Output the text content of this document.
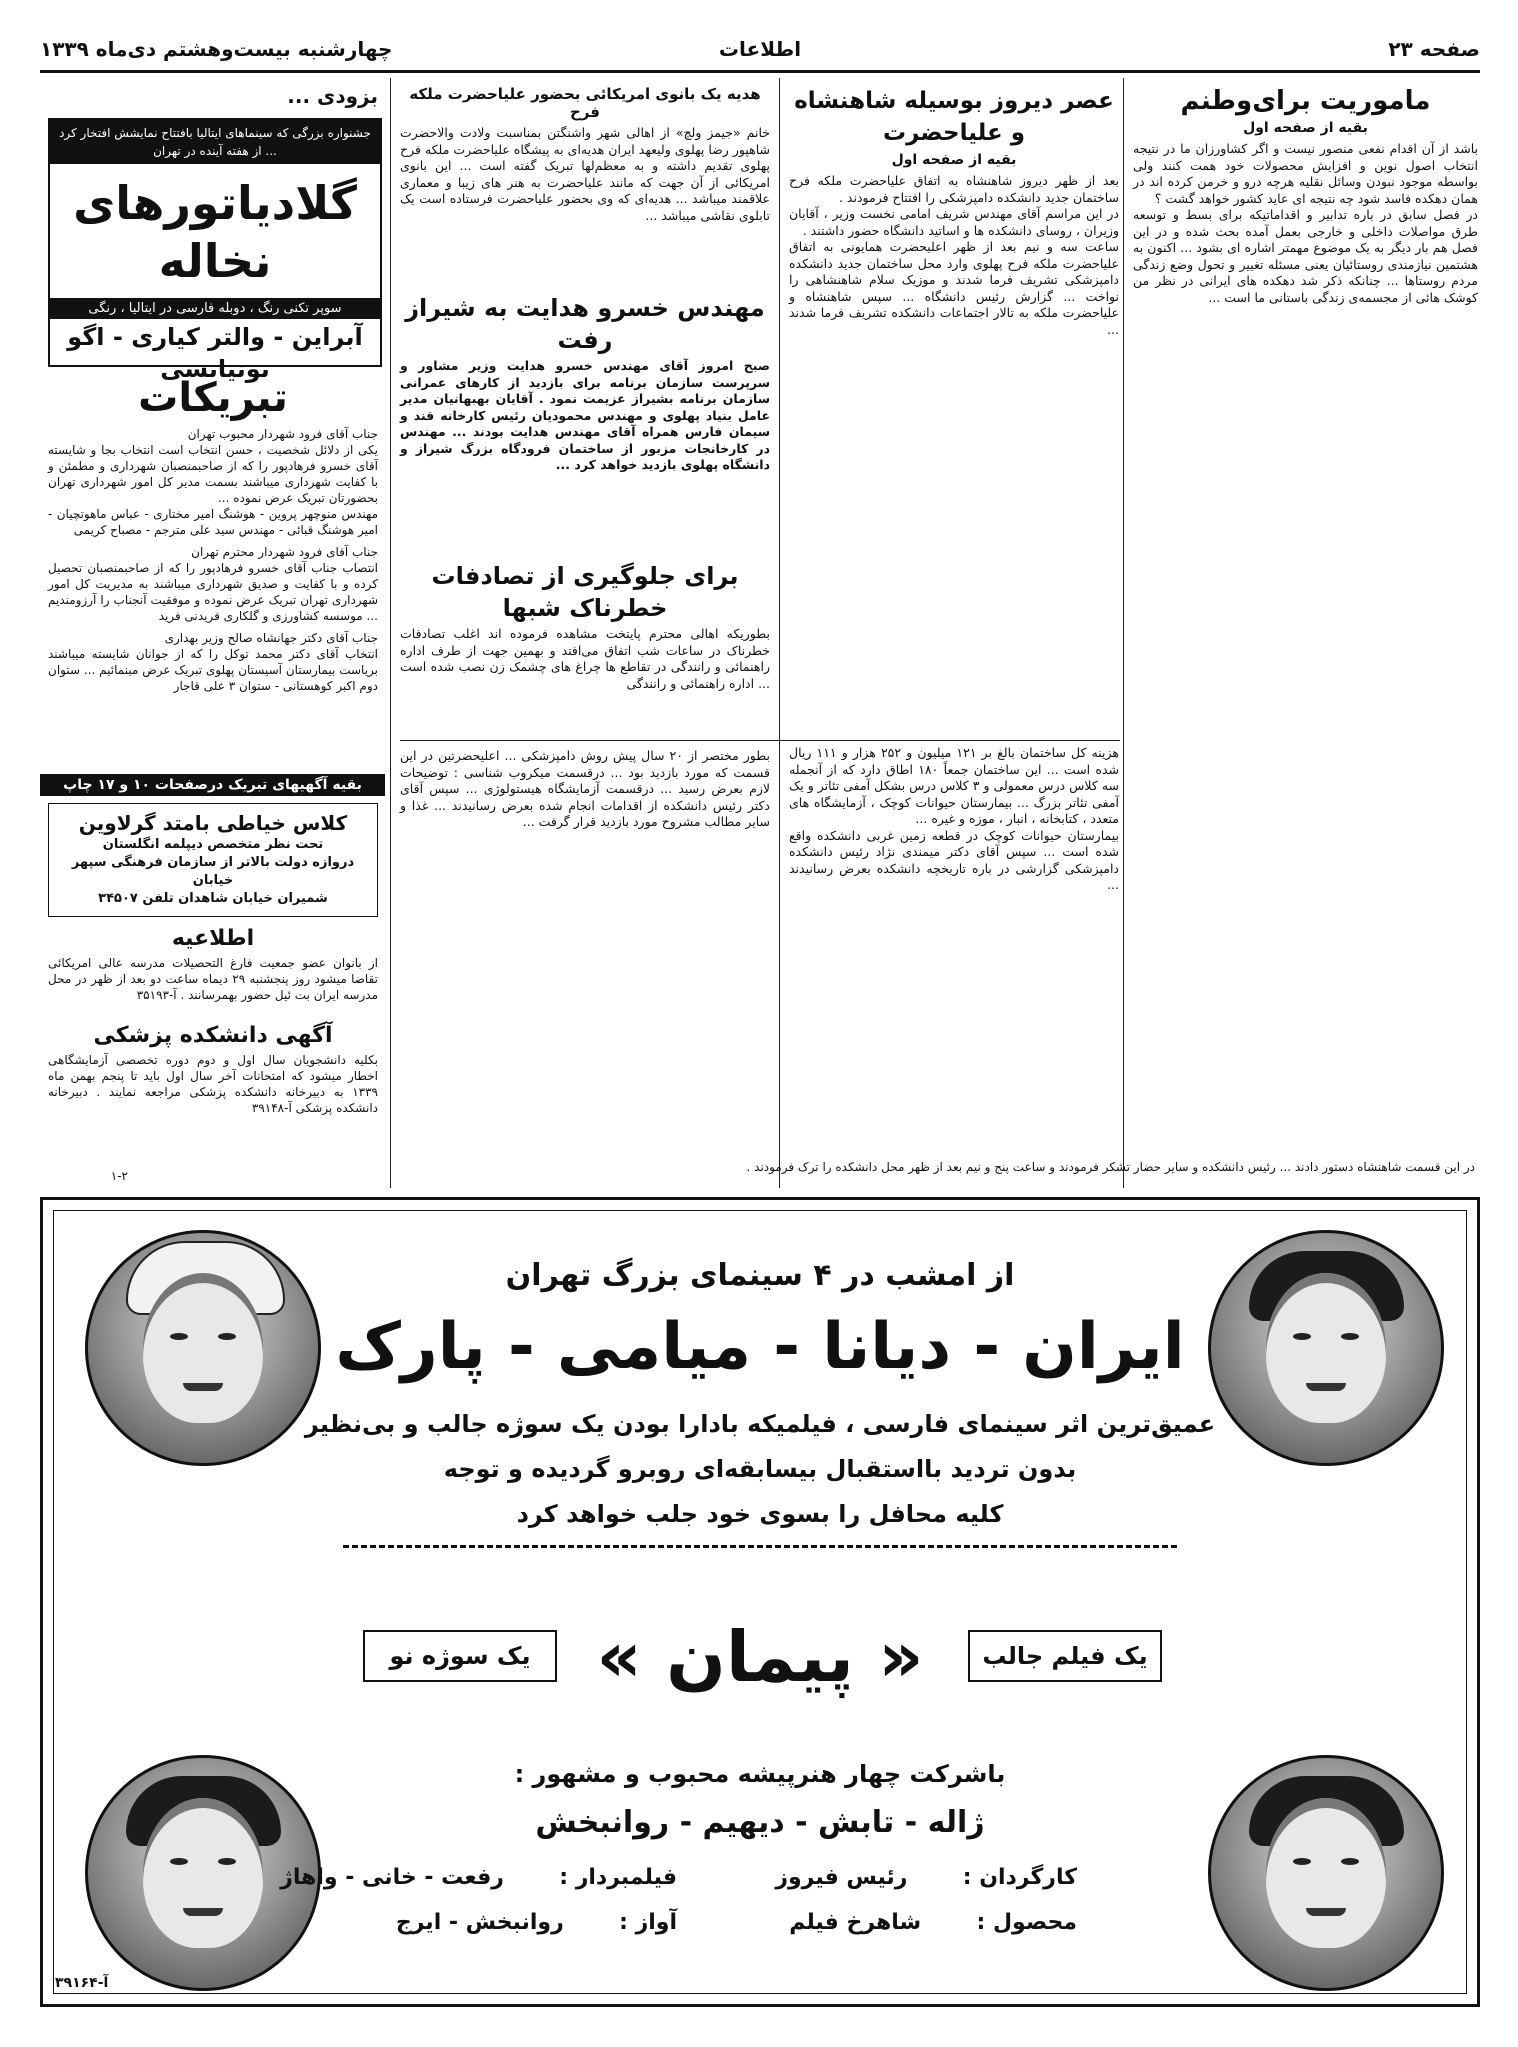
صفحه ۲۳
اطلاعات
چهارشنبه بیست‌وهشتم دی‌ماه ۱۳۳۹
ماموریت برای‌وطنم
بقیه از صفحه اول
باشد از آن اقدام نفعی منصور نیست و اگر کشاورزان ما در نتیجه‌ انتخاب اصول نوین و افزایش محصولات خود همت کنند ولی بواسطه موجود نبودن وسائل نقلیه هرچه درو و خرمن کرده اند در همان دهکده فاسد شود چه نتیجه ای عاید کشور خواهد گشت ؟
در فصل سابق در باره تدابیر و اقداماتیکه برای بسط و توسعه طرق مواصلات داخلی و خارجی بعمل آمده بحث شده و در این فصل هم بار دیگر به یک موضوع مهمتر اشاره ای بشود ... اکنون به هشتمین نیازمندی روستائیان یعنی مسئله تغییر و تحول وضع زندگی مردم روستاها ... چنانکه ذکر شد دهکده های ایرانی در نظر من کوشک هائی از مجسمه‌ی زندگی باستانی ما است ...
عصر دیروز بوسیله شاهنشاه و علیاحضرت
بقیه از صفحه اول
بعد از ظهر دیروز شاهنشاه به اتفاق علیاحضرت ملکه فرح ساختمان جدید دانشکده دامپزشکی را افتتاح فرمودند .
در این مراسم آقای مهندس شریف امامی نخست وزیر ، آقایان وزیران ، روسای دانشکده ها و اساتید دانشگاه حضور داشتند .
ساعت سه و نیم بعد از ظهر اعلیحضرت همایونی به اتفاق علیاحضرت ملکه فرح پهلوی وارد محل ساختمان جدید دانشکده دامپزشکی تشریف فرما شدند و موزیک سلام شاهنشاهی را نواخت ... گزارش رئیس دانشگاه ... سپس شاهنشاه و علیاحضرت ملکه به تالار اجتماعات دانشکده تشریف فرما شدند ...
هزینه کل ساختمان بالغ بر ۱۲۱ میلیون و ۲۵۲ هزار و ۱۱۱ ریال شده است ... این ساختمان جمعاً ۱۸۰ اطاق دارد که از آنجمله سه کلاس درس معمولی و ۳ کلاس درس بشکل آمفی تئاتر و یک آمفی تئاتر بزرگ ... بیمارستان حیوانات کوچک ، آزمایشگاه های متعدد ، کتابخانه ، انبار ، موزه و غیره ...
بیمارستان حیوانات کوچک در قطعه زمین غربی دانشکده واقع شده است ... سپس آقای دکتر میمندی نژاد رئیس دانشکده دامپزشکی گزارشی در باره تاریخچه دانشکده بعرض رسانیدند ...
هدیه یک بانوی امریکائی بحضور علیاحضرت ملکه فرح
خانم «جیمز ولچ» از اهالی شهر واشنگتن بمناسبت ولادت والاحضرت شاهپور رضا پهلوی ولیعهد ایران هدیه‌ای به پیشگاه علیاحضرت ملکه فرح پهلوی تقدیم داشته و به معظم‌لها تبریک گفته است ... این بانوی امریکائی از آن جهت که مانند علیاحضرت به هنر های زیبا و معماری علاقمند میباشد ... هدیه‌ای که وی بحضور علیاحضرت فرستاده است یک تابلوی نقاشی میباشد ...
مهندس خسرو هدایت به شیراز رفت
صبح امروز آقای مهندس خسرو هدایت وزیر مشاور و سرپرست سازمان برنامه برای بازدید از کارهای عمرانی سازمان برنامه بشیراز عزیمت نمود . آقایان بهبهانیان مدیر عامل بنیاد پهلوی و مهندس محمودیان رئیس کارخانه قند و سیمان فارس همراه آقای مهندس هدایت بودند ... مهندس در کارخانجات مزبور از ساختمان فرودگاه بزرگ شیراز و دانشگاه پهلوی بازدید خواهد کرد ...
برای جلوگیری از تصادفات خطرناک شبها
بطوریکه اهالی محترم پایتخت مشاهده فرموده اند اغلب تصادفات خطرناک در ساعات شب اتفاق می‌افتد و بهمین جهت از طرف اداره راهنمائی و رانندگی در تقاطع ها چراغ های چشمک زن نصب شده است ... اداره راهنمائی و رانندگی
بطور مختصر از ۲۰ سال پیش روش دامپزشکی ... اعلیحضرتین در این قسمت که مورد بازدید بود ... درقسمت میکروب شناسی : توضیحات لازم بعرض رسید ... درقسمت آزمایشگاه هیستولوژی ... سپس آقای دکتر رئیس دانشکده از اقدامات انجام شده بعرض رسانیدند ... غذا و سایر مطالب مشروح مورد بازدید قرار گرفت ...
بزودی ...
جشنواره بزرگی که سینماهای ایتالیا بافتتاح نمایشش افتخار کرد ... از هفته آینده در تهران
گلادیاتورهای نخاله
سوپر تکنی رنگ ، دوبله فارسی در ایتالیا ، رنگی
آبراین - والتر کیاری - اگو تونیاتسی
تبریکات
جناب آقای فرود شهردار محبوب تهران
یکی از دلائل شخصیت ، حسن انتخاب است انتخاب بجا و شایسته آقای خسرو فرهادپور را که از صاحبمنصبان شهرداری و مطمئن و با کفایت شهرداری میباشند بسمت مدیر کل امور شهرداری تهران بحضورتان تبریک عرض نموده ...
مهندس منوچهر پروین - هوشنگ امیر مختاری - عباس ماهوتچیان - امیر هوشنگ قبائی - مهندس سید علی مترجم - مصباح کریمی
جناب آقای فرود شهردار محترم تهران
انتصاب جناب آقای خسرو فرهادپور را که از صاحبمنصبان تحصیل کرده و با کفایت و صدیق شهرداری میباشند به مدیریت کل امور شهرداری تهران تبریک عرض نموده و موفقیت آنجناب را آرزومندیم ... موسسه کشاورزی و گلکاری فریدنی فرید
جناب آقای دکتر جهانشاه صالح وزیر بهداری
انتخاب آقای دکتر محمد توکل را که از جوانان شایسته میباشند بریاست بیمارستان آسیستان پهلوی تبریک عرض مینمائیم ... ستوان دوم اکبر کوهستانی - ستوان ۳ علی قاجار
بقیه آگهیهای تبریک درصفحات ۱۰ و ۱۷ چاپ گردیده است
کلاس خیاطی بامتد گرلاوین
تحت نظر متخصص دیپلمه انگلستان
دروازه دولت بالاتر از سازمان فرهنگی سپهر خیابان
شمیران خیابان شاهدان تلفن ۳۴۵۰۷
اطلاعیه
از بانوان عضو جمعیت فارغ التحصیلات مدرسه عالی امریکائی تقاضا میشود روز پنجشنبه ۲۹ دیماه ساعت دو بعد از ظهر در محل مدرسه ایران بت ئیل حضور بهمرسانند . آ-۳۵۱۹۳
آگهی دانشکده پزشکی
بکلیه دانشجویان سال اول و دوم دوره تخصصی آزمایشگاهی اخطار میشود که امتحانات آخر سال اول باید تا پنجم بهمن ماه ۱۳۳۹ به دبیرخانه دانشکده پزشکی مراجعه نمایند . دبیرخانه دانشکده پزشکی آ-۳۹۱۴۸
۱-۲
در این قسمت شاهنشاه دستور دادند ... رئیس دانشکده و سایر حضار تشکر فرمودند و ساعت پنج و نیم بعد از ظهر محل دانشکده را ترک فرمودند .
از امشب در ۴ سینمای بزرگ تهران
ایران - دیانا - میامی - پارک
عمیق‌ترین اثر سینمای فارسی ، فیلمیکه بادارا بودن یک سوژه جالب و بی‌نظیر
بدون تردید بااستقبال بیسابقه‌ای روبرو گردیده و توجه
کلیه محافل را بسوی خود جلب خواهد کرد
یک سوژه نو	یک فیلم جالب
« پیمان »
باشرکت چهار هنرپیشه محبوب و مشهور :
ژاله - تابش - دیهیم - روانبخش
کارگردان :  رئیس فیروز
فیلمبردار :  رفعت - خانی - واهاژ
محصول :  شاهرخ فیلم
آواز :  روانبخش - ایرج
آ-۳۹۱۶۴
